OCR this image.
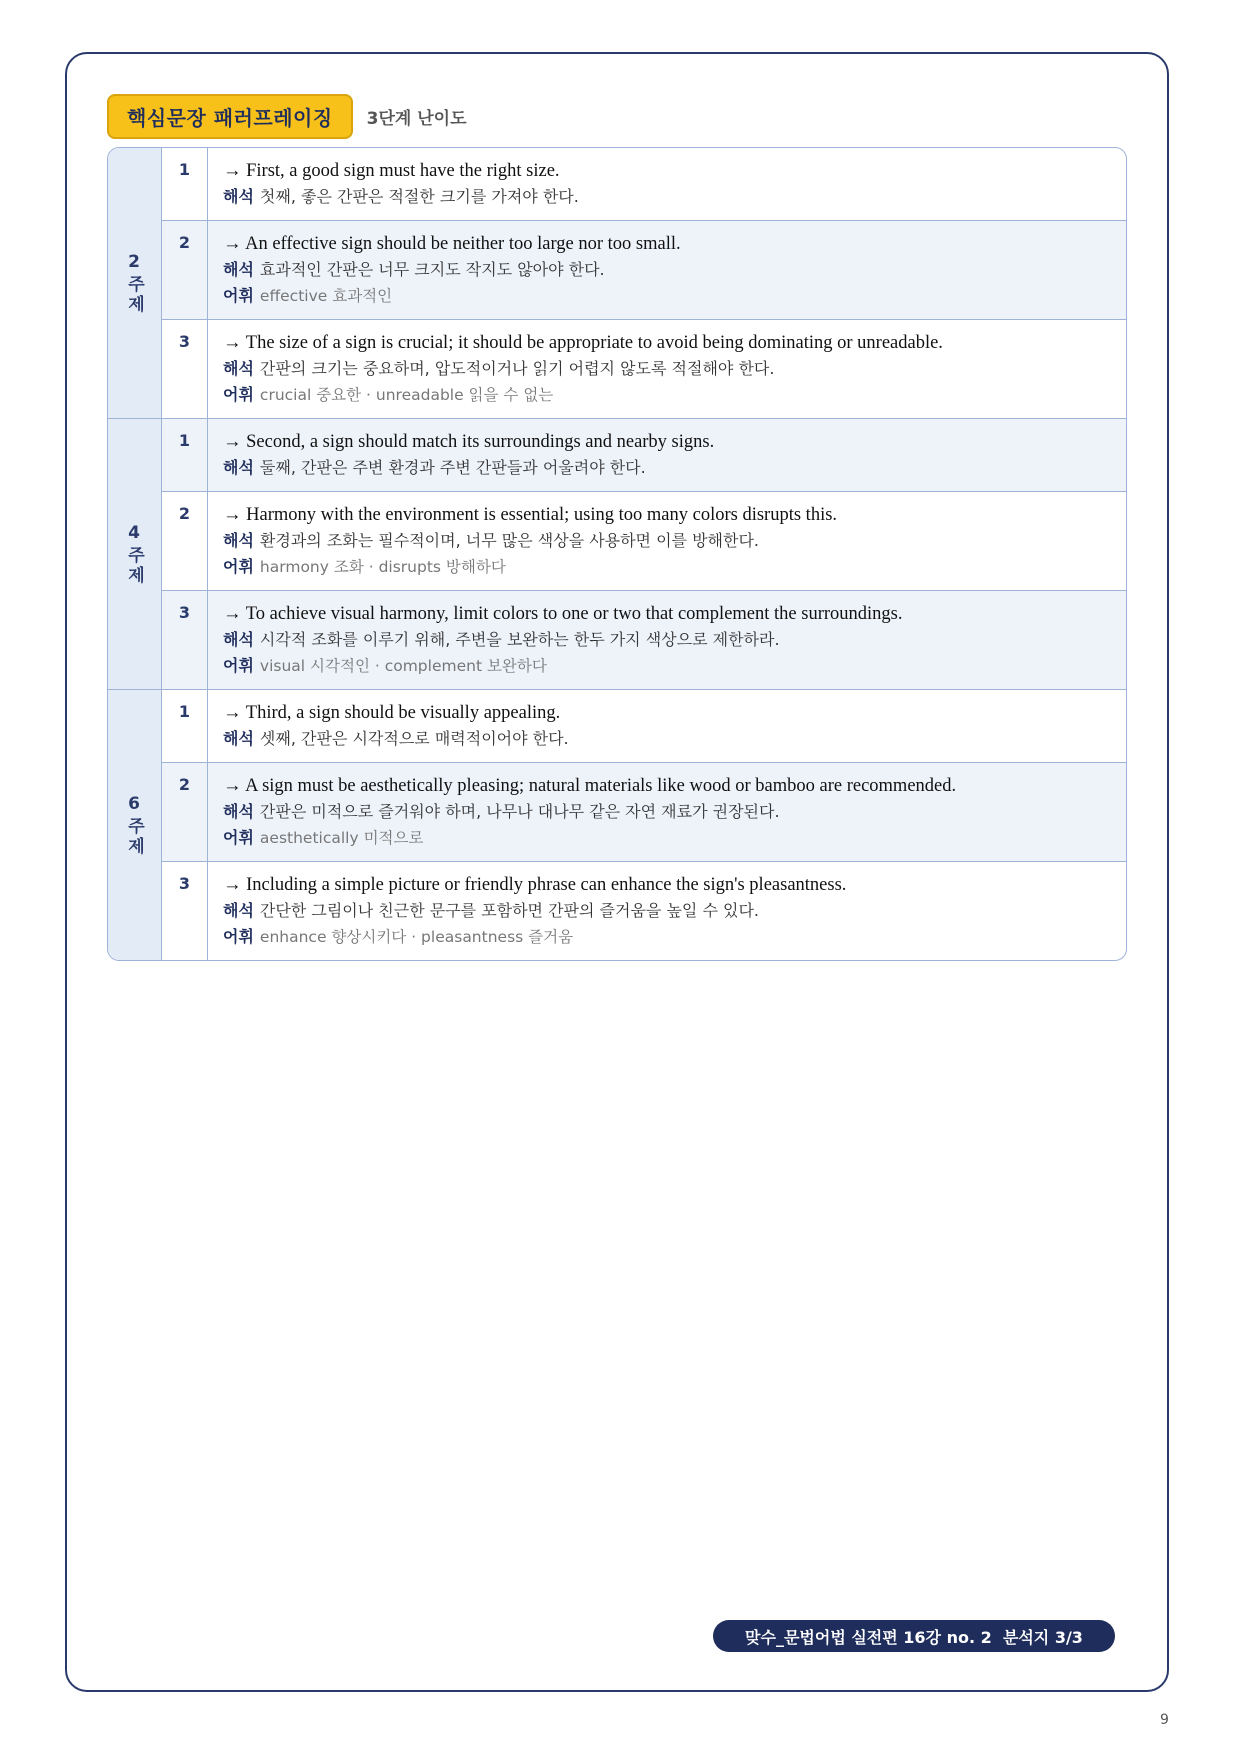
핵심문장 패러프레이징	3단계 난이도
2주제
1	→ First, a good sign must have the right size.
해석 첫째, 좋은 간판은 적절한 크기를 가져야 한다.
2	→ An effective sign should be neither too large nor too small.
해석 효과적인 간판은 너무 크지도 작지도 않아야 한다.
어휘 effective 효과적인
3	→ The size of a sign is crucial; it should be appropriate to avoid being dominating or unreadable.
해석 간판의 크기는 중요하며, 압도적이거나 읽기 어렵지 않도록 적절해야 한다.
어휘 crucial 중요한 · unreadable 읽을 수 없는
4주제
1	→ Second, a sign should match its surroundings and nearby signs.
해석 둘째, 간판은 주변 환경과 주변 간판들과 어울려야 한다.
2	→ Harmony with the environment is essential; using too many colors disrupts this.
해석 환경과의 조화는 필수적이며, 너무 많은 색상을 사용하면 이를 방해한다.
어휘 harmony 조화 · disrupts 방해하다
3	→ To achieve visual harmony, limit colors to one or two that complement the surroundings.
해석 시각적 조화를 이루기 위해, 주변을 보완하는 한두 가지 색상으로 제한하라.
어휘 visual 시각적인 · complement 보완하다
6주제
1	→ Third, a sign should be visually appealing.
해석 셋째, 간판은 시각적으로 매력적이어야 한다.
2	→ A sign must be aesthetically pleasing; natural materials like wood or bamboo are recommended.
해석 간판은 미적으로 즐거워야 하며, 나무나 대나무 같은 자연 재료가 권장된다.
어휘 aesthetically 미적으로
3	→ Including a simple picture or friendly phrase can enhance the sign's pleasantness.
해석 간단한 그림이나 친근한 문구를 포함하면 간판의 즐거움을 높일 수 있다.
어휘 enhance 향상시키다 · pleasantness 즐거움
맞수_문법어법 실전편 16강 no. 2  분석지 3/3
9
